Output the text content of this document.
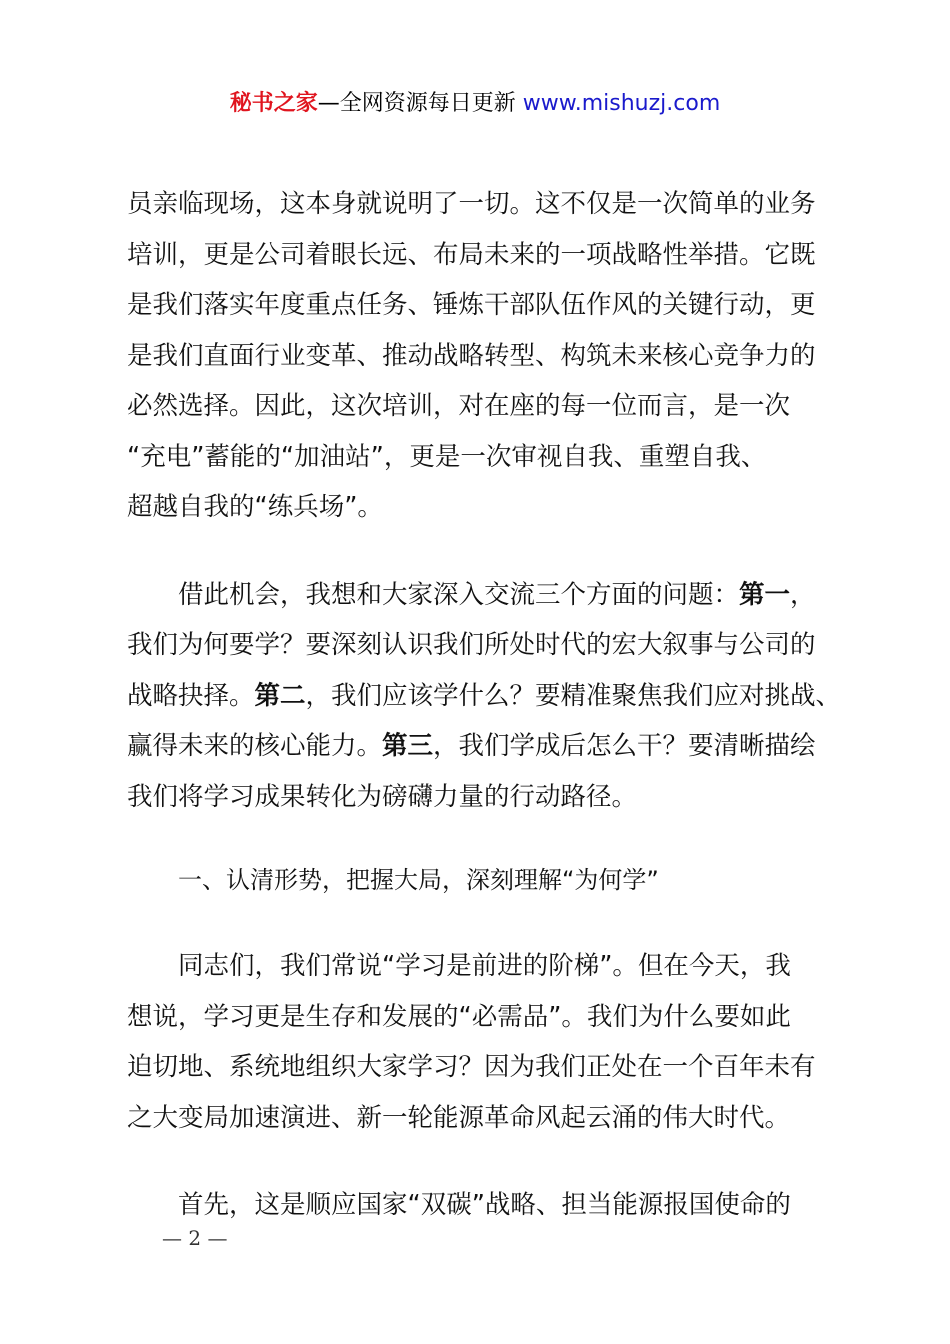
秘书之家—全网资源每日更新 www.mishuzj.com
员亲临现场，这本身就说明了一切。这不仅是一次简单的业务
培训，更是公司着眼长远、布局未来的一项战略性举措。它既
是我们落实年度重点任务、锤炼干部队伍作风的关键行动，更
是我们直面行业变革、推动战略转型、构筑未来核心竞争力的
必然选择。因此，这次培训，对在座的每一位而言，是一次
“充电”蓄能的“加油站”，更是一次审视自我、重塑自我、
超越自我的“练兵场”。
借此机会，我想和大家深入交流三个方面的问题：第一，
我们为何要学？要深刻认识我们所处时代的宏大叙事与公司的
战略抉择。第二，我们应该学什么？要精准聚焦我们应对挑战、
赢得未来的核心能力。第三，我们学成后怎么干？要清晰描绘
我们将学习成果转化为磅礴力量的行动路径。
一、认清形势，把握大局，深刻理解“为何学”
同志们，我们常说“学习是前进的阶梯”。但在今天，我
想说，学习更是生存和发展的“必需品”。我们为什么要如此
迫切地、系统地组织大家学习？因为我们正处在一个百年未有
之大变局加速演进、新一轮能源革命风起云涌的伟大时代。
首先，这是顺应国家“双碳”战略、担当能源报国使命的
— 2 —
